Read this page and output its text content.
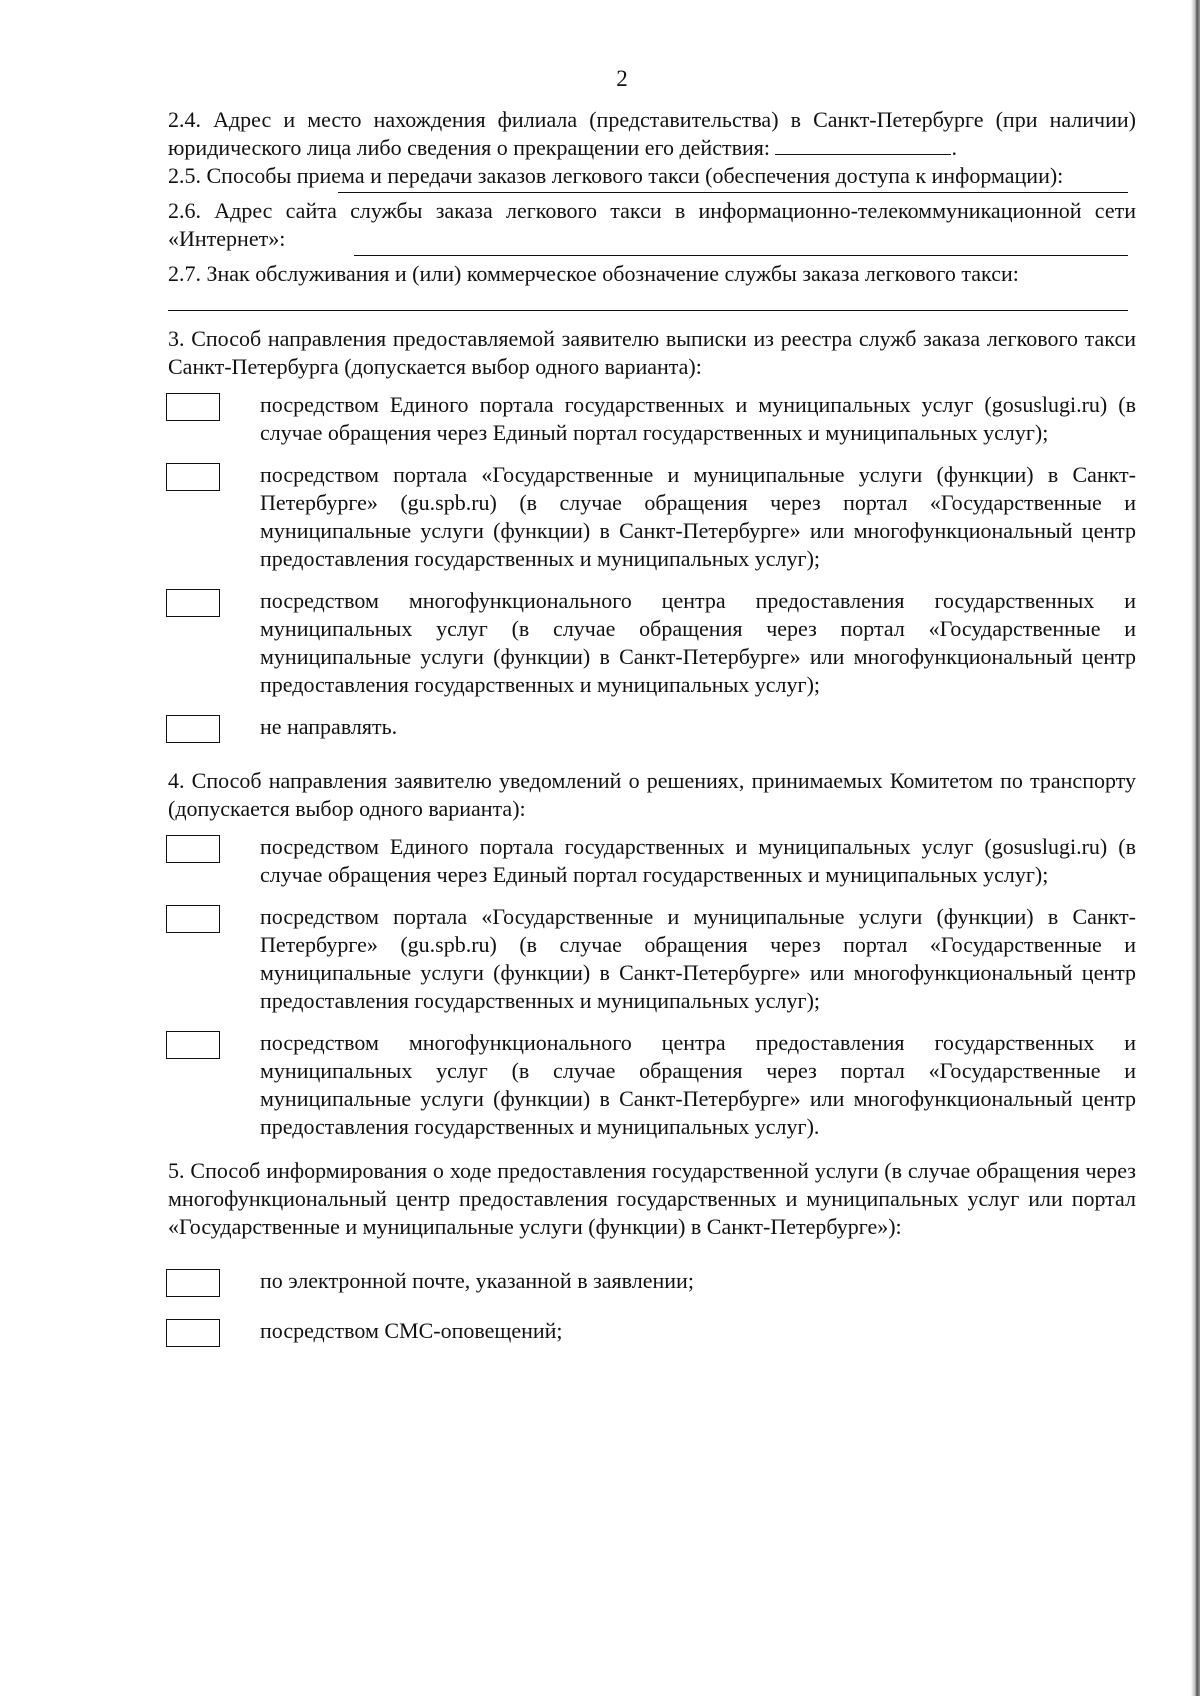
2

2.4. Адрес и место нахождения филиала (представительства) в Санкт-Петербурге (при наличии) юридического лица либо сведения о прекращении его действия:	.

2.5. Способы приема и передачи заказов легкового такси (обеспечения доступа к информации):

2.6. Адрес сайта службы заказа легкового такси в информационно-телекоммуникационной сети «Интернет»:

2.7. Знак обслуживания и (или) коммерческое обозначение службы заказа легкового такси:

3. Способ направления предоставляемой заявителю выписки из реестра служб заказа легкового такси Санкт-Петербурга (допускается выбор одного варианта):

посредством Единого портала государственных и муниципальных услуг (gosuslugi.ru) (в случае обращения через Единый портал государственных и муниципальных услуг);

посредством портала «Государственные и муниципальные услуги (функции) в Санкт-Петербурге» (gu.spb.ru) (в случае обращения через портал «Государственные и муниципальные услуги (функции) в Санкт-Петербурге» или многофункциональный центр предоставления государственных и муниципальных услуг);

посредством многофункционального центра предоставления государственных и муниципальных услуг (в случае обращения через портал «Государственные и муниципальные услуги (функции) в Санкт-Петербурге» или многофункциональный центр предоставления государственных и муниципальных услуг);

не направлять.

4. Способ направления заявителю уведомлений о решениях, принимаемых Комитетом по транспорту (допускается выбор одного варианта):

посредством Единого портала государственных и муниципальных услуг (gosuslugi.ru) (в случае обращения через Единый портал государственных и муниципальных услуг);

посредством портала «Государственные и муниципальные услуги (функции) в Санкт-Петербурге» (gu.spb.ru) (в случае обращения через портал «Государственные и муниципальные услуги (функции) в Санкт-Петербурге» или многофункциональный центр предоставления государственных и муниципальных услуг);

посредством многофункционального центра предоставления государственных и муниципальных услуг (в случае обращения через портал «Государственные и муниципальные услуги (функции) в Санкт-Петербурге» или многофункциональный центр предоставления государственных и муниципальных услуг).

5. Способ информирования о ходе предоставления государственной услуги (в случае обращения через многофункциональный центр предоставления государственных и муниципальных услуг или портал «Государственные и муниципальные услуги (функции) в Санкт-Петербурге»):

по электронной почте, указанной в заявлении;

посредством СМС-оповещений;
